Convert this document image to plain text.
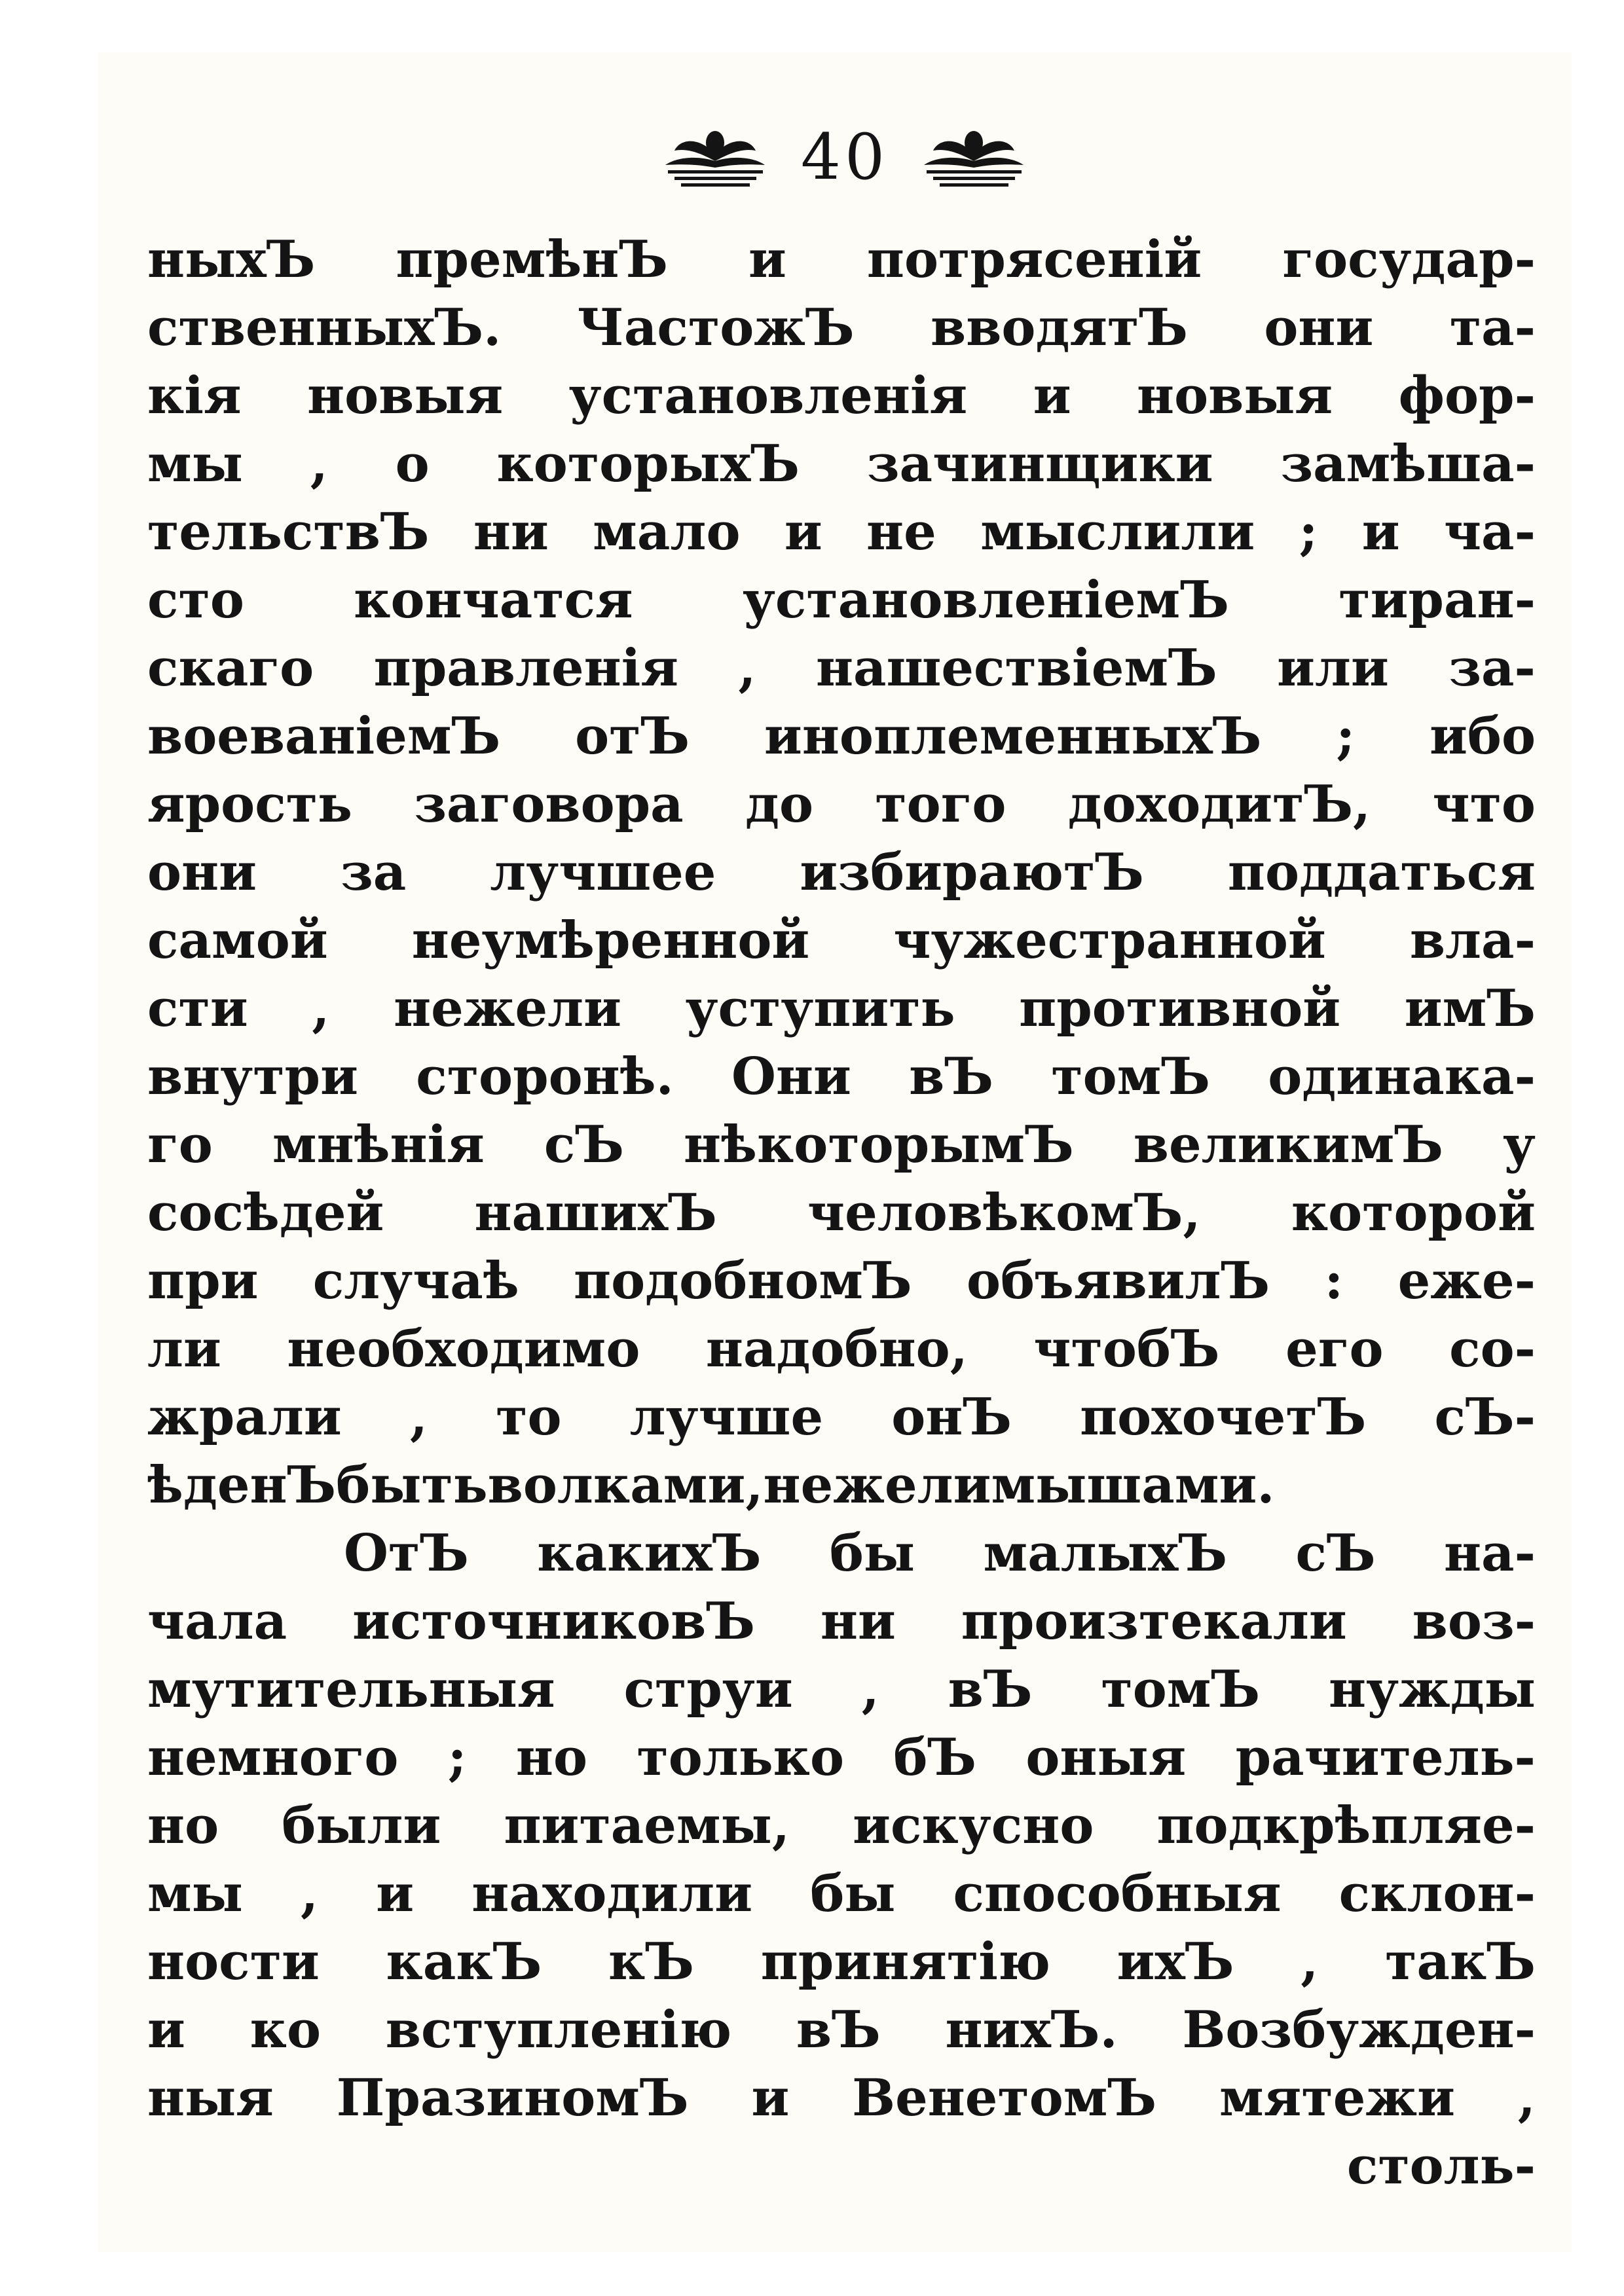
40
ныхЪ премѣнЪ и потрясенiй государ-
ственныхЪ. ЧастожЪ вводятЪ они та-
кiя новыя установленiя и новыя фор-
мы , о которыхЪ зачинщики замѣша-
тельствЪ ни мало и не мыслили ; и ча-
сто кончатся установленiемЪ тиран-
скаго правленiя , нашествiемЪ или за-
воеванiемЪ отЪ иноплеменныхЪ ; ибо
ярость заговора до того доходитЪ, что
они за лучшее избираютЪ поддаться
самой неумѣренной чужестранной вла-
сти , нежели уступить противной имЪ
внутри сторонѣ. Они вЪ томЪ одинака-
го мнѣнiя сЪ нѣкоторымЪ великимЪ у
сосѣдей нашихЪ человѣкомЪ, которой
при случаѣ подобномЪ объявилЪ : еже-
ли необходимо надобно, чтобЪ его со-
жрали , то лучше онЪ похочетЪ сЪ-
ѣденЪ быть волками , нежели мышами.
ОтЪ какихЪ бы малыхЪ сЪ на-
чала источниковЪ ни произтекали воз-
мутительныя струи , вЪ томЪ нужды
немного ; но только бЪ оныя рачитель-
но были питаемы, искусно подкрѣпляе-
мы , и находили бы способныя склон-
ности какЪ кЪ принятiю ихЪ , такЪ
и ко вступленiю вЪ нихЪ. Возбужден-
ныя ПразиномЪ и ВенетомЪ мятежи ,
столь-
